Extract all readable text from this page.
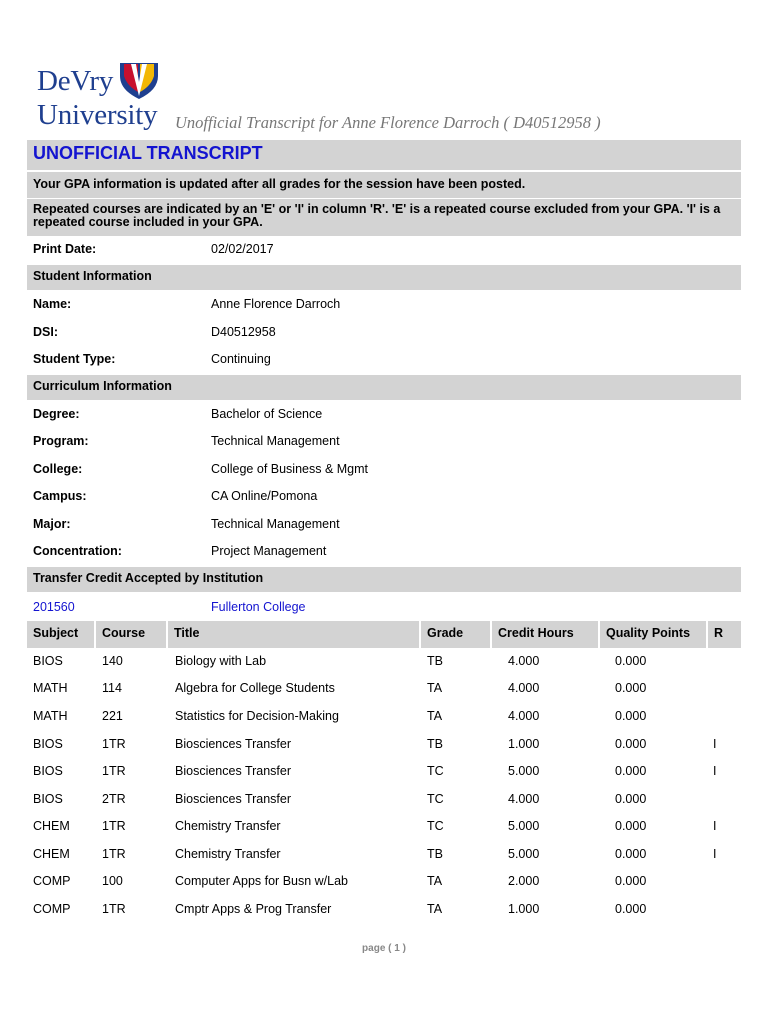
DeVry
University Unofficial Transcript for Anne Florence Darroch ( D40512958 )
UNOFFICIAL TRANSCRIPT
Your GPA information is updated after all grades for the session have been posted.
Repeated courses are indicated by an 'E' or 'I' in column 'R'. 'E' is a repeated course excluded from your GPA. 'I' is a repeated course included in your GPA.
Print Date:	02/02/2017
Student Information
Name:	Anne Florence Darroch
DSI:	D40512958
Student Type:	Continuing
Curriculum Information
Degree:	Bachelor of Science
Program:	Technical Management
College:	College of Business & Mgmt
Campus:	CA Online/Pomona
Major:	Technical Management
Concentration:	Project Management
Transfer Credit Accepted by Institution
201560	Fullerton College
Subject	Course	Title	Grade	Credit Hours	Quality Points	R
BIOS	140	Biology with Lab	TB	4.000	0.000
MATH	114	Algebra for College Students	TA	4.000	0.000
MATH	221	Statistics for Decision-Making	TA	4.000	0.000
BIOS	1TR	Biosciences Transfer	TB	1.000	0.000	I
BIOS	1TR	Biosciences Transfer	TC	5.000	0.000	I
BIOS	2TR	Biosciences Transfer	TC	4.000	0.000
CHEM	1TR	Chemistry Transfer	TC	5.000	0.000	I
CHEM	1TR	Chemistry Transfer	TB	5.000	0.000	I
COMP	100	Computer Apps for Busn w/Lab	TA	2.000	0.000
COMP	1TR	Cmptr Apps & Prog Transfer	TA	1.000	0.000
page ( 1 )
